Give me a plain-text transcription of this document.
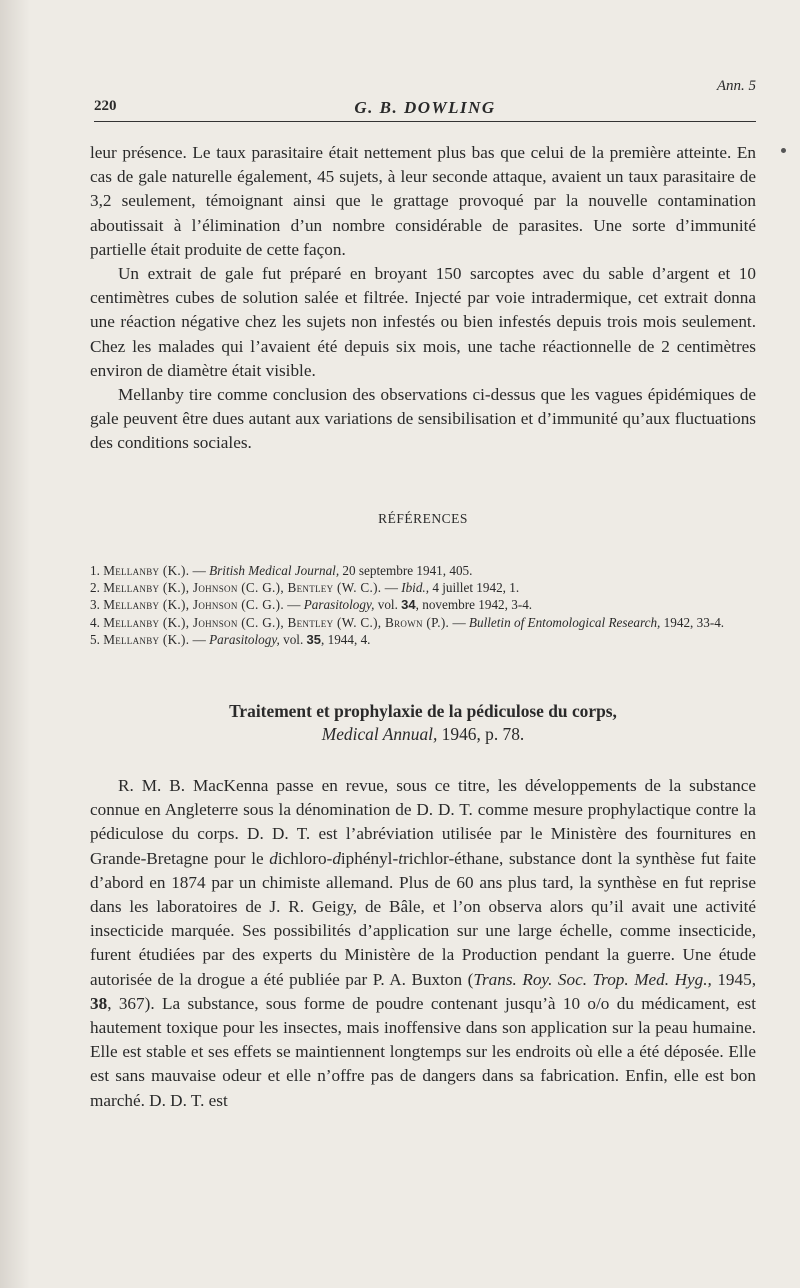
Ann. 5
220	G. B. DOWLING

leur présence. Le taux parasitaire était nettement plus bas que celui de la première atteinte. En cas de gale naturelle également, 45 sujets, à leur seconde attaque, avaient un taux parasitaire de 3,2 seulement, témoignant ainsi que le grattage provoqué par la nouvelle contamination aboutissait à l’élimination d’un nombre considérable de parasites. Une sorte d’immunité partielle était produite de cette façon.

Un extrait de gale fut préparé en broyant 150 sarcoptes avec du sable d’argent et 10 centimètres cubes de solution salée et filtrée. Injecté par voie intradermique, cet extrait donna une réaction négative chez les sujets non infestés ou bien infestés depuis trois mois seulement. Chez les malades qui l’avaient été depuis six mois, une tache réactionnelle de 2 centimètres environ de diamètre était visible.

Mellanby tire comme conclusion des observations ci-dessus que les vagues épidémiques de gale peuvent être dues autant aux variations de sensibilisation et d’immunité qu’aux fluctuations des conditions sociales.

RÉFÉRENCES
1. Mellanby (K.). — British Medical Journal, 20 septembre 1941, 405.
2. Mellanby (K.), Johnson (C. G.), Bentley (W. C.). — Ibid., 4 juillet 1942, 1.
3. Mellanby (K.), Johnson (C. G.). — Parasitology, vol. 34, novembre 1942, 3-4.
4. Mellanby (K.), Johnson (C. G.), Bentley (W. C.), Brown (P.). — Bulletin of Entomological Research, 1942, 33-4.
5. Mellanby (K.). — Parasitology, vol. 35, 1944, 4.
Traitement et prophylaxie de la pédiculose du corps,
Medical Annual, 1946, p. 78.

R. M. B. MacKenna passe en revue, sous ce titre, les développements de la substance connue en Angleterre sous la dénomination de D. D. T. comme mesure prophylactique contre la pédiculose du corps. D. D. T. est l’abréviation utilisée par le Ministère des fournitures en Grande-Bretagne pour le dichloro-diphényl-trichlor-éthane, substance dont la synthèse fut faite d’abord en 1874 par un chimiste allemand. Plus de 60 ans plus tard, la synthèse en fut reprise dans les laboratoires de J. R. Geigy, de Bâle, et l’on observa alors qu’il avait une activité insecticide marquée. Ses possibilités d’application sur une large échelle, comme insecticide, furent étudiées par des experts du Ministère de la Production pendant la guerre. Une étude autorisée de la drogue a été publiée par P. A. Buxton (Trans. Roy. Soc. Trop. Med. Hyg., 1945, 38, 367). La substance, sous forme de poudre contenant jusqu’à 10 o/o du médicament, est hautement toxique pour les insectes, mais inoffensive dans son application sur la peau humaine. Elle est stable et ses effets se maintiennent longtemps sur les endroits où elle a été déposée. Elle est sans mauvaise odeur et elle n’offre pas de dangers dans sa fabrication. Enfin, elle est bon marché. D. D. T. est
